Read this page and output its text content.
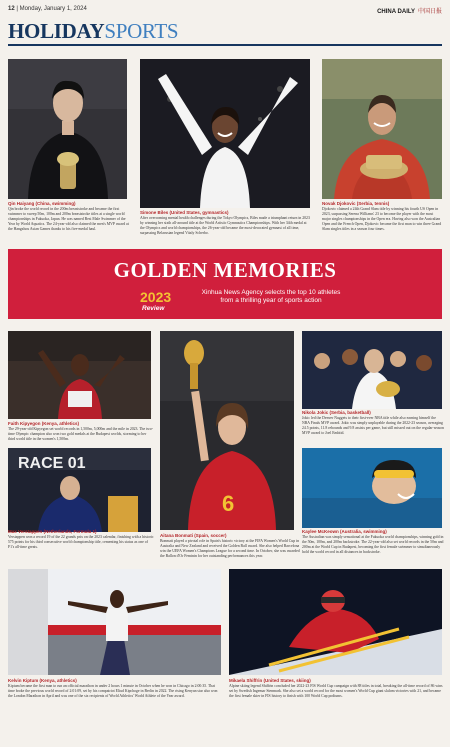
12 | Monday, January 1, 2024	CHINA DAILY 中国日报
HOLIDAYSPORTS
Qin Haiyang (China, swimming)
Qin broke the world record in the 200m breaststroke and became the first swimmer to sweep 50m, 100m and 200m breaststroke titles at a single world championships in Fukuoka, Japan. He was named Best Male Swimmer of the Year by World Aquatics. The 24-year-old also claimed the men's MVP award at the Hangzhou Asian Games thanks to his five-medal haul.
Simone Biles (United States, gymnastics)
After overcoming mental health challenges during the Tokyo Olympics, Biles made a triumphant return in 2023 by winning her sixth all-around title at the World Artistic Gymnastics Championships. With her 34th medal at the Olympics and world championships, the 26-year-old became the most-decorated gymnast of all time, surpassing Belarusian legend Vitaly Scherbo.
Novak Djokovic (Serbia, tennis)
Djokovic claimed a 24th Grand Slam title by winning his fourth US Open in 2023, surpassing Serena Williams' 23 to become the player with the most major singles championships in the Open era. Having also won the Australian Open and the French Open, Djokovic became the first man to win three Grand Slam singles titles in a season four times.
GOLDEN MEMORIES
2023
Review
Xinhua News Agency selects the top 10 athletes from a thrilling year of sports action
Faith Kipyegon (Kenya, athletics)
The 29-year-old Kipyegon set world records in 1,500m, 5,000m and the mile in 2023. The two-time Olympic champion also won two gold medals at the Budapest worlds, storming to her third world title in the women's 1,500m.
RACE 01
Max Verstappen (Netherlands, Formula 1)
Verstappen won a record 19 of the 22 grands prix on the 2023 calendar, finishing with a historic 575 points for his third consecutive world championship title, cementing his status as one of F1's all-time greats.
6
Aitana Bonmati (Spain, soccer)
Bonmati played a pivotal role in Spain's historic victory at the FIFA Women's World Cup in Australia and New Zealand and received the Golden Ball award. She also helped Barcelona win the UEFA Women's Champions League for a second time. In October, she was awarded the Ballon d'Or Feminin for her outstanding performances this year.
Nikola Jokic (Serbia, basketball)
Jokic led the Denver Nuggets to their first-ever NBA title while also earning himself the NBA Finals MVP award. Jokic was simply unplayable during the 2022-23 season, averaging 24.5 points, 11.8 rebounds and 9.8 assists per game, but still missed out on the regular-season MVP award to Joel Embiid.
Kaylee McKeown (Australia, swimming)
The Australian was simply sensational at the Fukuoka world championships, winning gold in the 50m, 100m, and 200m backstroke. The 22-year-old also set world records in the 50m and 200m at the World Cup in Budapest, becoming the first female swimmer to simultaneously hold the world record in all distances in backstroke.
Kelvin Kiptum (Kenya, athletics)
Kiptum became the first man to run an official marathon in under 2 hours 1 minute in October when he won in Chicago in 2:00:35. That time broke the previous world record of 2:01:09, set by his compatriot Eliud Kipchoge in Berlin in 2022. The rising Kenyan star also won the London Marathon in April and was one of the six recipients of World Athletics' World Athlete of the Year award.
Mikaela Shiffrin (United States, skiing)
Alpine skiing legend Shiffrin concluded her 2022-23 FIS World Cup campaign with 88 titles in total, breaking the all-time record of 86 wins set by Swedish Ingemar Stenmark. She also set a world record for the most women's World Cup giant slalom victories with 21, and became the first female skier in FIS history to finish with 100 World Cup podiums.
